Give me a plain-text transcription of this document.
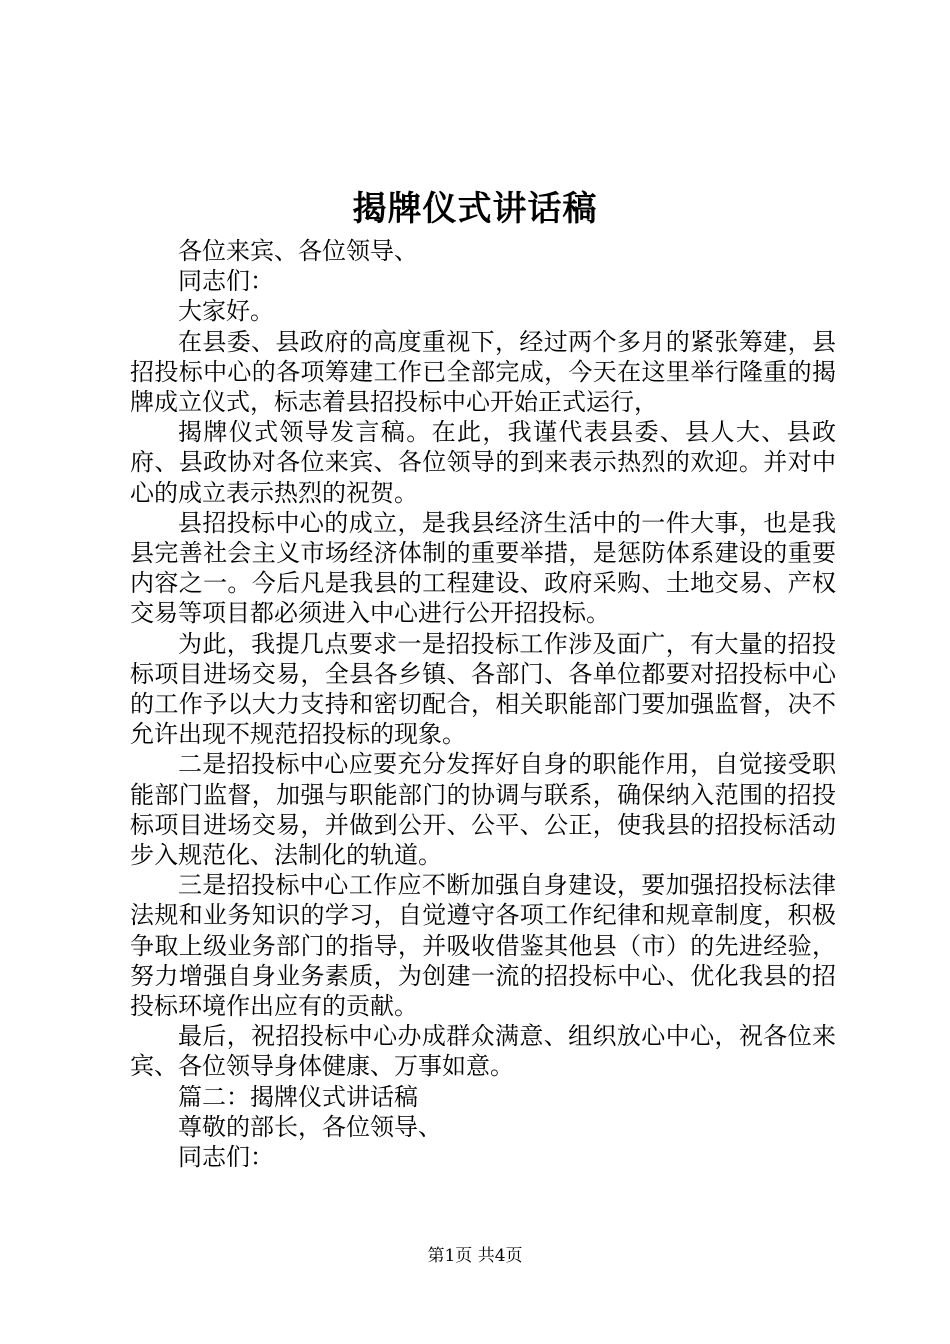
揭牌仪式讲话稿

各位来宾、各位领导、

同志们：

大家好。

在县委、县政府的高度重视下，经过两个多月的紧张筹建，县招投标中心的各项筹建工作已全部完成，今天在这里举行隆重的揭牌成立仪式，标志着县招投标中心开始正式运行，

揭牌仪式领导发言稿。在此，我谨代表县委、县人大、县政府、县政协对各位来宾、各位领导的到来表示热烈的欢迎。并对中心的成立表示热烈的祝贺。

县招投标中心的成立，是我县经济生活中的一件大事，也是我县完善社会主义市场经济体制的重要举措，是惩防体系建设的重要内容之一。今后凡是我县的工程建设、政府采购、土地交易、产权交易等项目都必须进入中心进行公开招投标。

为此，我提几点要求一是招投标工作涉及面广，有大量的招投标项目进场交易，全县各乡镇、各部门、各单位都要对招投标中心的工作予以大力支持和密切配合，相关职能部门要加强监督，决不允许出现不规范招投标的现象。

二是招投标中心应要充分发挥好自身的职能作用，自觉接受职能部门监督，加强与职能部门的协调与联系，确保纳入范围的招投标项目进场交易，并做到公开、公平、公正，使我县的招投标活动步入规范化、法制化的轨道。

三是招投标中心工作应不断加强自身建设，要加强招投标法律法规和业务知识的学习，自觉遵守各项工作纪律和规章制度，积极争取上级业务部门的指导，并吸收借鉴其他县（市）的先进经验，努力增强自身业务素质，为创建一流的招投标中心、优化我县的招投标环境作出应有的贡献。

最后，祝招投标中心办成群众满意、组织放心中心，祝各位来宾、各位领导身体健康、万事如意。

篇二：揭牌仪式讲话稿

尊敬的部长，各位领导、

同志们：

第1页 共4页
